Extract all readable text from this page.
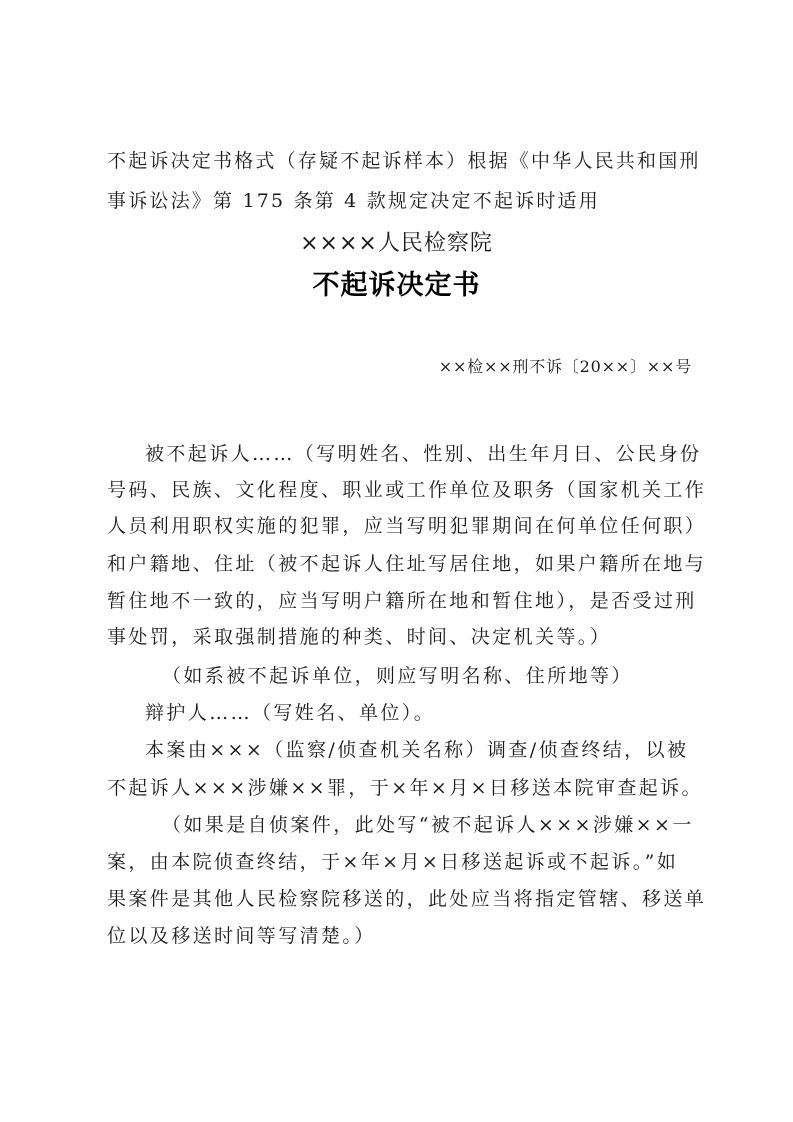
不起诉决定书格式（存疑不起诉样本）根据《中华人民共和国刑
事诉讼法》第 175 条第 4 款规定决定不起诉时适用
××××人民检察院
不起诉决定书
××检××刑不诉〔20××〕××号
被不起诉人……（写明姓名、性别、出生年月日、公民身份
号码、民族、文化程度、职业或工作单位及职务（国家机关工作
人员利用职权实施的犯罪，应当写明犯罪期间在何单位任何职）
和户籍地、住址（被不起诉人住址写居住地，如果户籍所在地与
暂住地不一致的，应当写明户籍所在地和暂住地），是否受过刑
事处罚，采取强制措施的种类、时间、决定机关等。）
（如系被不起诉单位，则应写明名称、住所地等）
辩护人……（写姓名、单位）。
本案由×××（监察/侦查机关名称）调查/侦查终结，以被
不起诉人×××涉嫌××罪，于×年×月×日移送本院审查起诉。
（如果是自侦案件，此处写“被不起诉人×××涉嫌××一
案，由本院侦查终结，于×年×月×日移送起诉或不起诉。”如
果案件是其他人民检察院移送的，此处应当将指定管辖、移送单
位以及移送时间等写清楚。）
